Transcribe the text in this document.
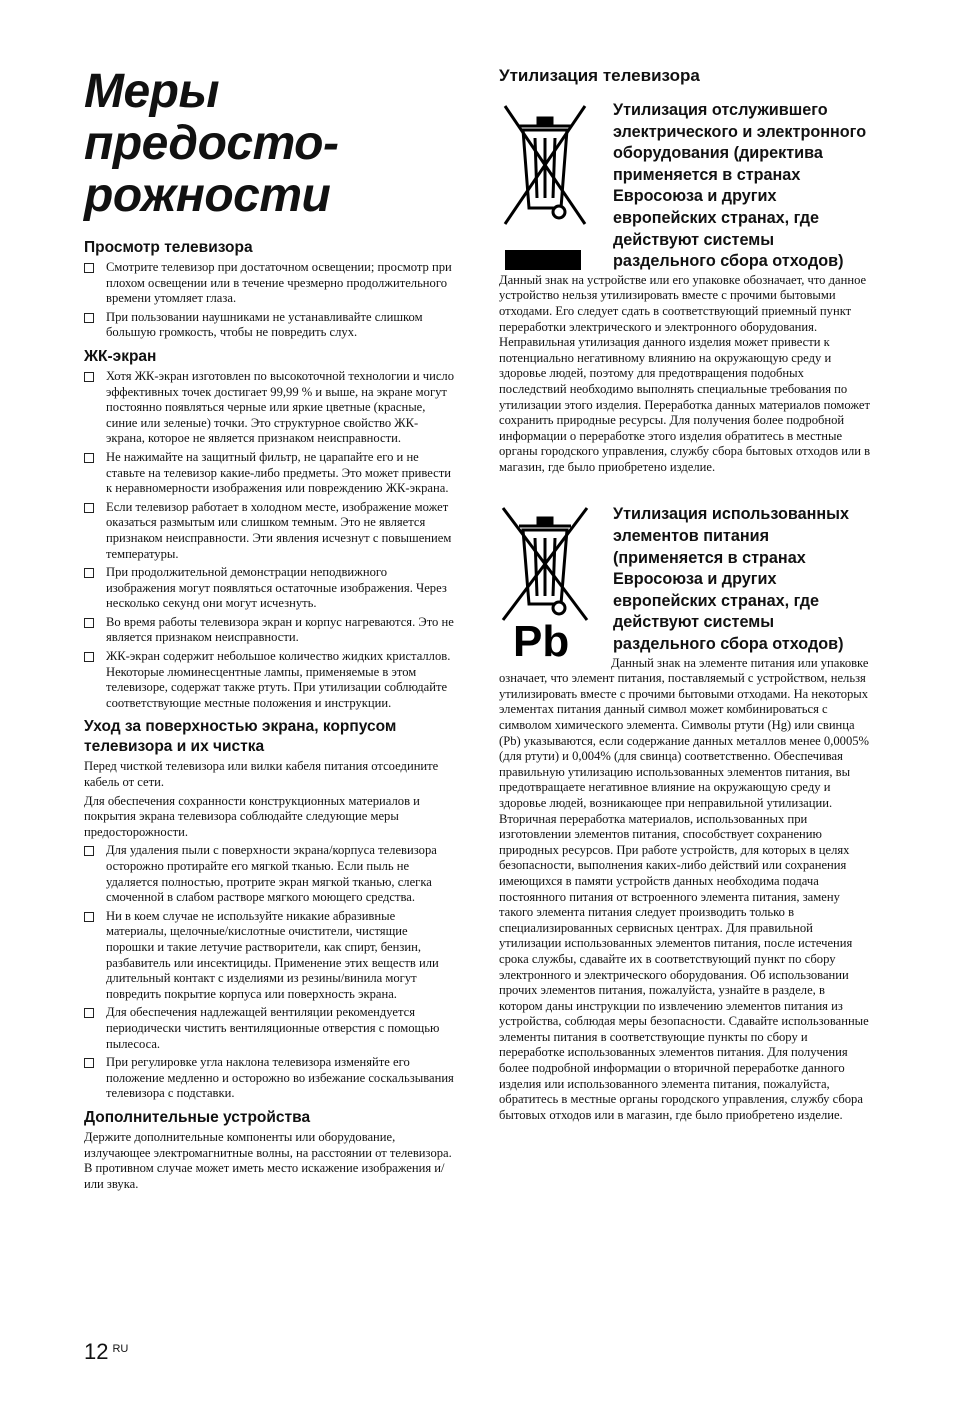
Меры
предосто-
рожности
Просмотр телевизора
Смотрите телевизор при достаточном освещении; просмотр при плохом освещении или в течение чрезмерно продолжительного времени утомляет глаза.
При пользовании наушниками не устанавливайте слишком большую громкость, чтобы не повредить слух.
ЖК-экран
Хотя ЖК-экран изготовлен по высокоточной технологии и число эффективных точек достигает 99,99 % и выше, на экране могут постоянно появляться черные или яркие цветные (красные, синие или зеленые) точки. Это структурное свойство ЖК-экрана, которое не является признаком неисправности.
Не нажимайте на защитный фильтр, не царапайте его и не ставьте на телевизор какие-либо предметы. Это может привести к неравномерности изображения или повреждению ЖК-экрана.
Если телевизор работает в холодном месте, изображение может оказаться размытым или слишком темным. Это не является признаком неисправности. Эти явления исчезнут с повышением температуры.
При продолжительной демонстрации неподвижного изображения могут появляться остаточные изображения. Через несколько секунд они могут исчезнуть.
Во время работы телевизора экран и корпус нагреваются. Это не является признаком неисправности.
ЖК-экран содержит небольшое количество жидких кристаллов. Некоторые люминесцентные лампы, применяемые в этом телевизоре, содержат также ртуть. При утилизации соблюдайте соответствующие местные положения и инструкции.
Уход за поверхностью экрана, корпусом телевизора и их чистка

Перед чисткой телевизора или вилки кабеля питания отсоедините кабель от сети.

Для обеспечения сохранности конструкционных материалов и покрытия экрана телевизора соблюдайте следующие меры предосторожности.

Для удаления пыли с поверхности экрана/корпуса телевизора осторожно протирайте его мягкой тканью. Если пыль не удаляется полностью, протрите экран мягкой тканью, слегка смоченной в слабом растворе мягкого моющего средства.
Ни в коем случае не используйте никакие абразивные материалы, щелочные/кислотные очистители, чистящие порошки и такие летучие растворители, как спирт, бензин, разбавитель или инсектициды. Применение этих веществ или длительный контакт с изделиями из резины/винила могут повредить покрытие корпуса или поверхность экрана.
Для обеспечения надлежащей вентиляции рекомендуется периодически чистить вентиляционные отверстия с помощью пылесоса.
При регулировке угла наклона телевизора изменяйте его положение медленно и осторожно во избежание соскальзывания телевизора с подставки.
Дополнительные устройства

Держите дополнительные компоненты или оборудование, излучающее электромагнитные волны, на расстоянии от телевизора. В противном случае может иметь место искажение изображения и/или звука.

Утилизация телевизора
Утилизация отслужившего электрического и электронного оборудования (директива применяется в странах Евросоюза и других европейских странах, где действуют системы раздельного сбора отходов)

Данный знак на устройстве или его упаковке обозначает, что данное устройство нельзя утилизировать вместе с прочими бытовыми отходами. Его следует сдать в соответствующий приемный пункт переработки электрического и электронного оборудования. Неправильная утилизация данного изделия может привести к потенциально негативному влиянию на окружающую среду и здоровье людей, поэтому для предотвращения подобных последствий необходимо выполнять специальные требования по утилизации этого изделия. Переработка данных материалов поможет сохранить природные ресурсы. Для получения более подробной информации о переработке этого изделия обратитесь в местные органы городского управления, службу сбора бытовых отходов или в магазин, где было приобретено изделие.

Pb
Утилизация использованных элементов питания (применяется в странах Евросоюза и других европейских странах, где действуют системы раздельного сбора отходов)

Данный знак на элементе питания или упаковке означает, что элемент питания, поставляемый с устройством, нельзя утилизировать вместе с прочими бытовыми отходами. На некоторых элементах питания данный символ может комбинироваться с символом химического элемента. Символы ртути (Hg) или свинца (Pb) указываются, если содержание данных металлов менее 0,0005% (для ртути) и 0,004% (для свинца) соответственно. Обеспечивая правильную утилизацию использованных элементов питания, вы предотвращаете негативное влияние на окружающую среду и здоровье людей, возникающее при неправильной утилизации. Вторичная переработка материалов, использованных при изготовлении элементов питания, способствует сохранению природных ресурсов. При работе устройств, для которых в целях безопасности, выполнения каких-либо действий или сохранения имеющихся в памяти устройств данных необходима подача постоянного питания от встроенного элемента питания, замену такого элемента питания следует производить только в специализированных сервисных центрах. Для правильной утилизации использованных элементов питания, после истечения срока службы, сдавайте их в соответствующий пункт по сбору электронного и электрического оборудования. Об использовании прочих элементов питания, пожалуйста, узнайте в разделе, в котором даны инструкции по извлечению элементов питания из устройства, соблюдая меры безопасности. Сдавайте использованные элементы питания в соответствующие пункты по сбору и переработке использованных элементов питания. Для получения более подробной информации о вторичной переработке данного изделия или использованного элемента питания, пожалуйста, обратитесь в местные органы городского управления, службу сбора бытовых отходов или в магазин, где было приобретено изделие.

12 $^{RU}$
